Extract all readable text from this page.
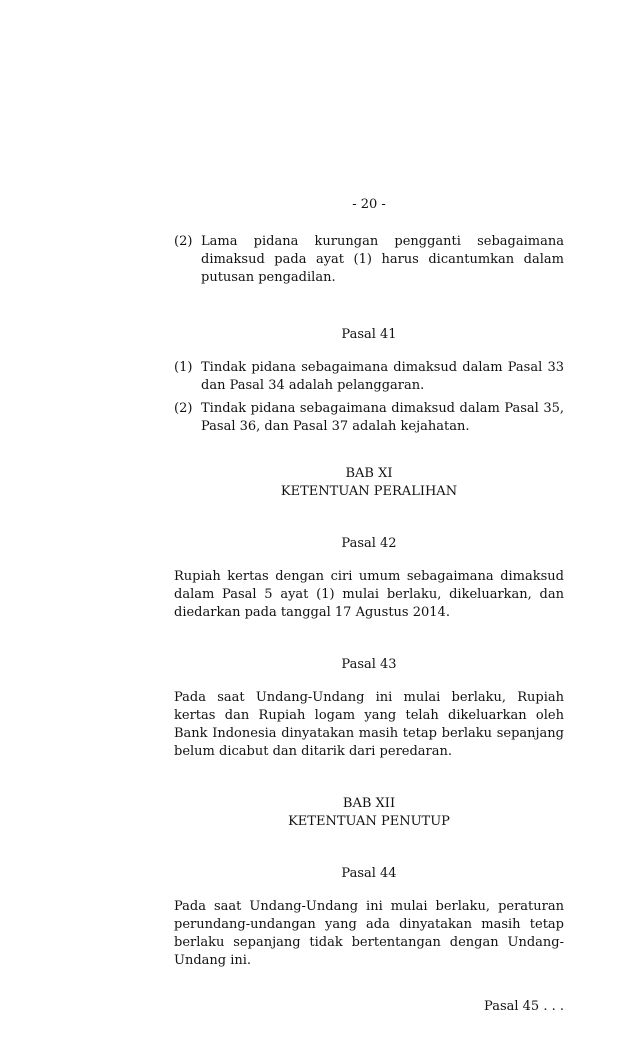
- 20 -
(2) Lama pidana kurungan pengganti sebagaimana dimaksud pada ayat (1) harus dicantumkan dalam putusan pengadilan.
Pasal 41
(1) Tindak pidana sebagaimana dimaksud dalam Pasal 33 dan Pasal 34 adalah pelanggaran.
(2) Tindak pidana sebagaimana dimaksud dalam Pasal 35, Pasal 36, dan Pasal 37 adalah kejahatan.
BAB XI
KETENTUAN PERALIHAN
Pasal 42

Rupiah kertas dengan ciri umum sebagaimana dimaksud dalam Pasal 5 ayat (1) mulai berlaku, dikeluarkan, dan diedarkan pada tanggal 17 Agustus 2014.

Pasal 43

Pada saat Undang-Undang ini mulai berlaku, Rupiah kertas dan Rupiah logam yang telah dikeluarkan oleh Bank Indonesia dinyatakan masih tetap berlaku sepanjang belum dicabut dan ditarik dari peredaran.

BAB XII
KETENTUAN PENUTUP
Pasal 44

Pada saat Undang-Undang ini mulai berlaku, peraturan perundang-undangan yang ada dinyatakan masih tetap berlaku sepanjang tidak bertentangan dengan Undang-Undang ini.

Pasal 45 . . .
